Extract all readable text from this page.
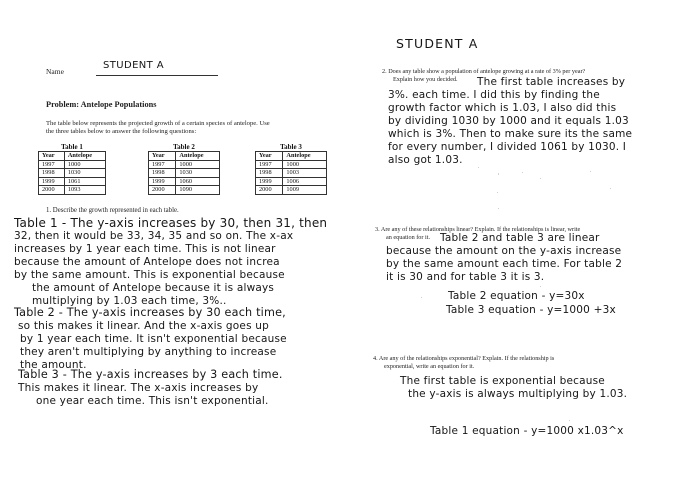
Name
STUDENT A
Problem: Antelope Populations
The table below represents the projected growth of a certain species of antelope. Use
the three tables below to answer the following questions:
Table 1
Year	Antelope
1997	1000
1998	1030
1999	1061
2000	1093
Table 2
Year	Antelope
1997	1000
1998	1030
1999	1060
2000	1090
Table 3
Year	Antelope
1997	1000
1998	1003
1999	1006
2000	1009
1. Describe the growth represented in each table.
Table 1 - The y-axis increases by 30, then 31, then
32, then it would be 33, 34, 35 and so on. The x-ax
increases by 1 year each time. This is not linear
because the amount of Antelope does not increa
by the same amount. This is exponential because
the amount of Antelope because it is always
multiplying by 1.03 each time, 3%..
Table 2 - The y-axis increases by 30 each time,
so this makes it linear. And the x-axis goes up
by 1 year each time. It isn't exponential because
they aren't multiplying by anything to increase
the amount.
Table 3 - The y-axis increases by 3 each time.
This makes it linear. The x-axis increases by
one year each time. This isn't exponential.
STUDENT A
2. Does any table show a population of antelope growing at a rate of 3% per year?
Explain how you decided.	The first table increases by
3%. each time. I did this by finding the
growth factor which is 1.03, I also did this
by dividing 1030 by 1000 and it equals 1.03
which is 3%. Then to make sure its the same
for every number, I divided 1061 by 1030. I
also got 1.03.
3. Are any of these relationships linear? Explain. If the relationships is linear, write
an equation for it. Table 2 and table 3 are linear
because the amount on the y-axis increase
by the same amount each time. For table 2
it is 30 and for table 3 it is 3.
Table 2 equation - y=30x
Table 3 equation - y=1000 +3x
4. Are any of the relationships exponential? Explain. If the relationship is
exponential, write an equation for it.
The first table is exponential because
the y-axis is always multiplying by 1.03.
Table 1 equation - y=1000 x1.03^x
.
,	.
.
.
.
.
.
.
.
.
